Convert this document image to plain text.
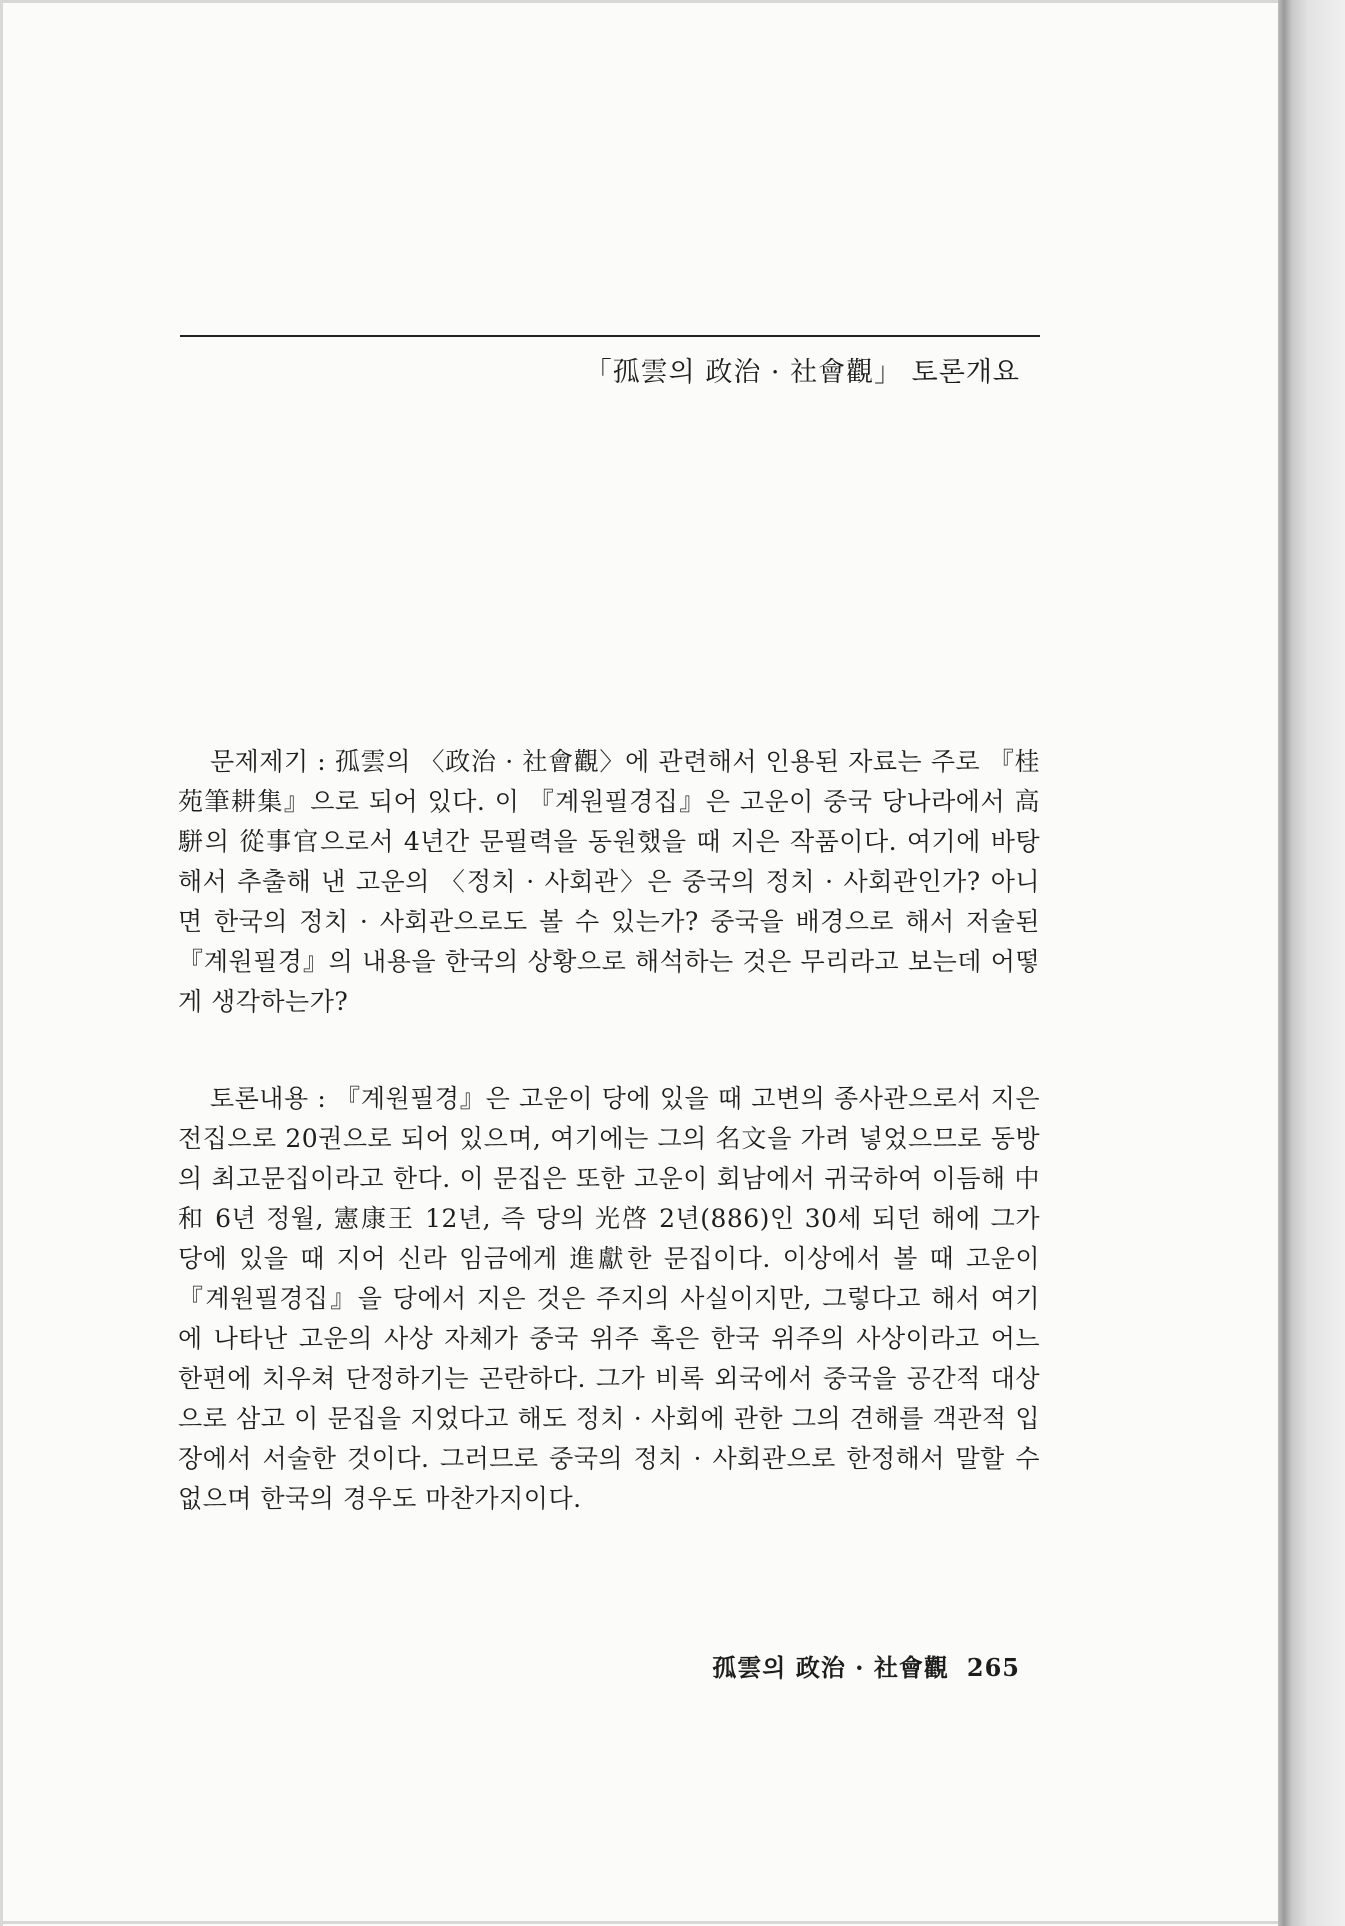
「孤雲의 政治 · 社會觀」 토론개요

문제제기 : 孤雲의 〈政治 · 社會觀〉에 관련해서 인용된 자료는 주로 『桂苑筆耕集』으로 되어 있다. 이 『계원필경집』은 고운이 중국 당나라에서 高駢의 從事官으로서 4년간 문필력을 동원했을 때 지은 작품이다. 여기에 바탕해서 추출해 낸 고운의 〈정치 · 사회관〉은 중국의 정치 · 사회관인가? 아니면 한국의 정치 · 사회관으로도 볼 수 있는가? 중국을 배경으로 해서 저술된 『계원필경』의 내용을 한국의 상황으로 해석하는 것은 무리라고 보는데 어떻게 생각하는가?

토론내용 : 『계원필경』은 고운이 당에 있을 때 고변의 종사관으로서 지은 전집으로 20권으로 되어 있으며, 여기에는 그의 名文을 가려 넣었으므로 동방의 최고문집이라고 한다. 이 문집은 또한 고운이 회남에서 귀국하여 이듬해 中和 6년 정월, 憲康王 12년, 즉 당의 光啓 2년(886)인 30세 되던 해에 그가 당에 있을 때 지어 신라 임금에게 進獻한 문집이다. 이상에서 볼 때 고운이 『계원필경집』을 당에서 지은 것은 주지의 사실이지만, 그렇다고 해서 여기에 나타난 고운의 사상 자체가 중국 위주 혹은 한국 위주의 사상이라고 어느 한편에 치우쳐 단정하기는 곤란하다. 그가 비록 외국에서 중국을 공간적 대상으로 삼고 이 문집을 지었다고 해도 정치 · 사회에 관한 그의 견해를 객관적 입장에서 서술한 것이다. 그러므로 중국의 정치 · 사회관으로 한정해서 말할 수 없으며 한국의 경우도 마찬가지이다.

孤雲의 政治 · 社會觀 265
